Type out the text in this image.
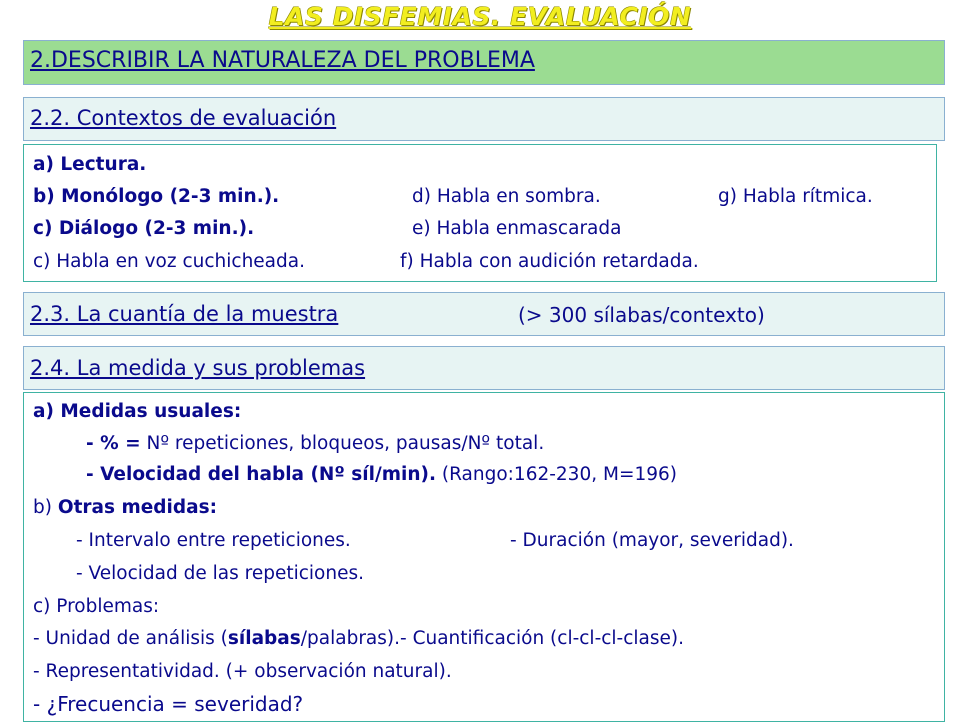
LAS DISFEMIAS. EVALUACIÓN
2.DESCRIBIR LA NATURALEZA DEL PROBLEMA
2.2. Contextos de evaluación
a) Lectura.
b) Monólogo (2-3 min.).	d) Habla en sombra.	g) Habla rítmica.
c) Diálogo (2-3 min.).	e) Habla enmascarada
c) Habla en voz cuchicheada.	f) Habla con audición retardada.
2.3. La cuantía de la muestra	(> 300 sílabas/contexto)
2.4. La medida y sus problemas
a) Medidas usuales:
- % = Nº repeticiones, bloqueos, pausas/Nº total.
- Velocidad del habla (Nº síl/min). (Rango:162-230, M=196)
b) Otras medidas:
- Intervalo entre repeticiones.	- Duración (mayor, severidad).
- Velocidad de las repeticiones.
c) Problemas:
- Unidad de análisis (sílabas/palabras).- Cuantificación (cl-cl-cl-clase).
- Representatividad. (+ observación natural).
- ¿Frecuencia = severidad?
